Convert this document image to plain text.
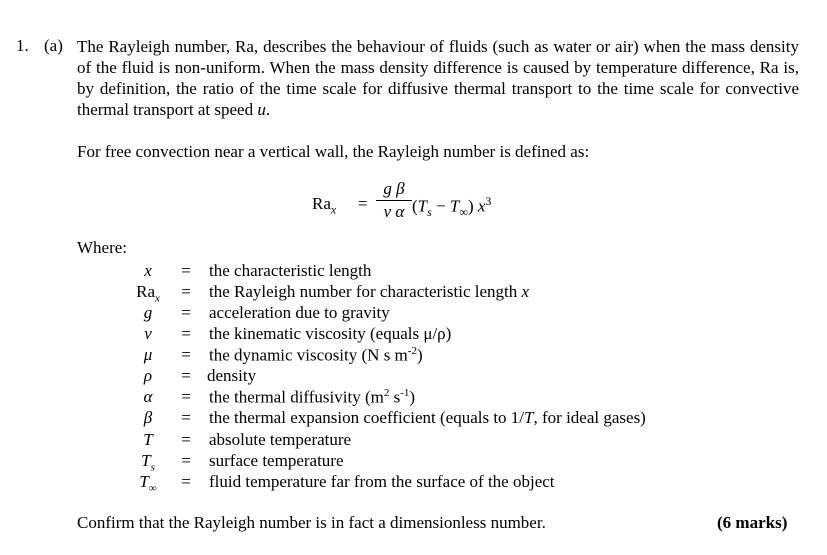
1. (a) The Rayleigh number, Ra, describes the behaviour of fluids (such as water or air) when the mass density of the fluid is non-uniform. When the mass density difference is caused by temperature difference, Ra is, by definition, the ratio of the time scale for diffusive thermal transport to the time scale for convective thermal transport at speed u.
For free convection near a vertical wall, the Rayleigh number is defined as:
$Ra_x$ =
g β
ν α $(T_s - T_\infty)$ $x^3$
Where:
x	= the characteristic length
$Ra_x$	= the Rayleigh number for characteristic length x
g	= acceleration due to gravity
ν	= the kinematic viscosity (equals μ/ρ)
μ	= the dynamic viscosity (N s $m^{-2}$)
ρ	= density
α	= the thermal diffusivity ($m^2$ $s^{-1}$)
β	= the thermal expansion coefficient (equals to 1/T, for ideal gases)
T	= absolute temperature
$T_s$	= surface temperature
$T_\infty$	= fluid temperature far from the surface of the object
Confirm that the Rayleigh number is in fact a dimensionless number.	(6 marks)
